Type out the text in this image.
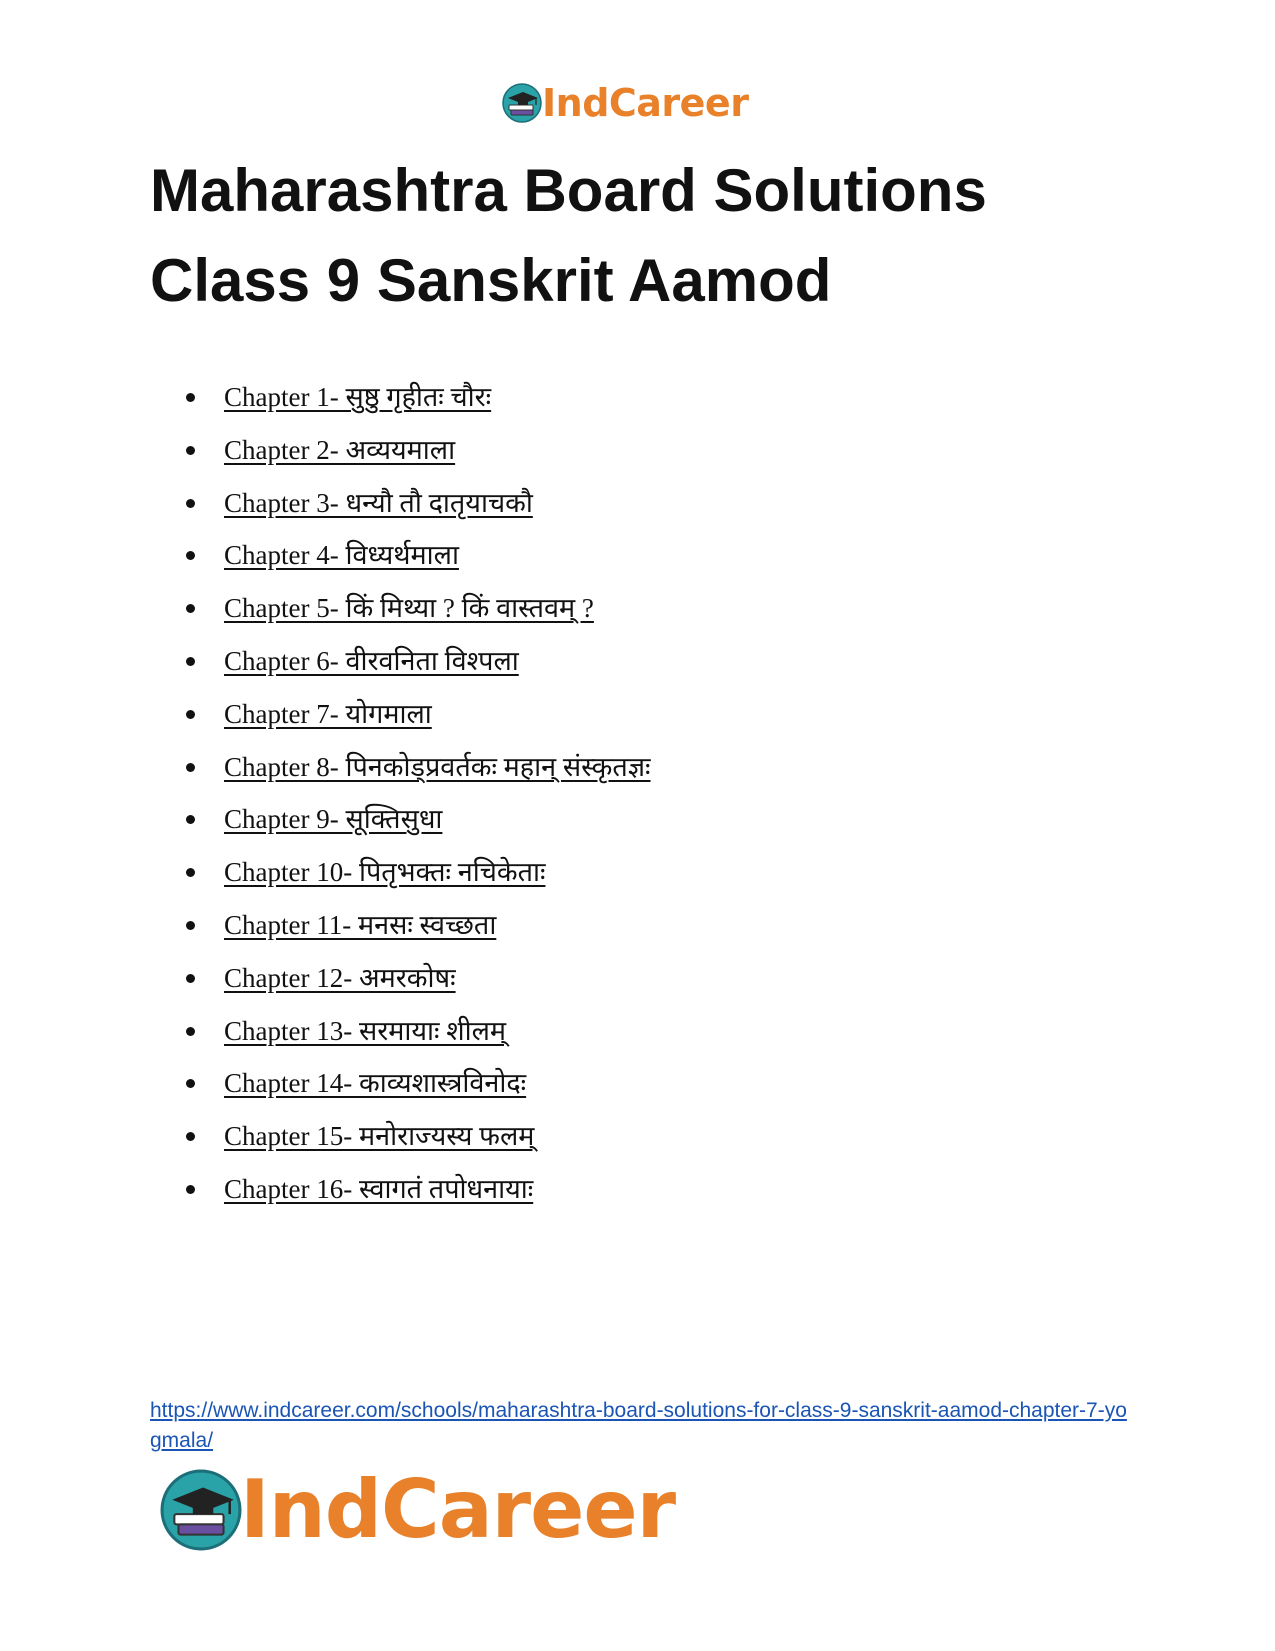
IndCareer
Maharashtra Board Solutions
Class 9 Sanskrit Aamod
Chapter 1- सुष्ठु गृहीतः चौरः
Chapter 2- अव्ययमाला
Chapter 3- धन्यौ तौ दातृयाचकौ
Chapter 4- विध्यर्थमाला
Chapter 5- किं मिथ्या ? किं वास्तवम् ?
Chapter 6- वीरवनिता विश्पला
Chapter 7- योगमाला
Chapter 8- पिनकोड्प्रवर्तकः महान् संस्कृतज्ञः
Chapter 9- सूक्तिसुधा
Chapter 10- पितृभक्तः नचिकेताः
Chapter 11- मनसः स्वच्छता
Chapter 12- अमरकोषः
Chapter 13- सरमायाः शीलम्
Chapter 14- काव्यशास्त्रविनोदः
Chapter 15- मनोराज्यस्य फलम्
Chapter 16- स्वागतं तपोधनायाः
https://www.indcareer.com/schools/maharashtra-board-solutions-for-class-9-sanskrit-aamod-chapter-7-yogmala/
IndCareer
